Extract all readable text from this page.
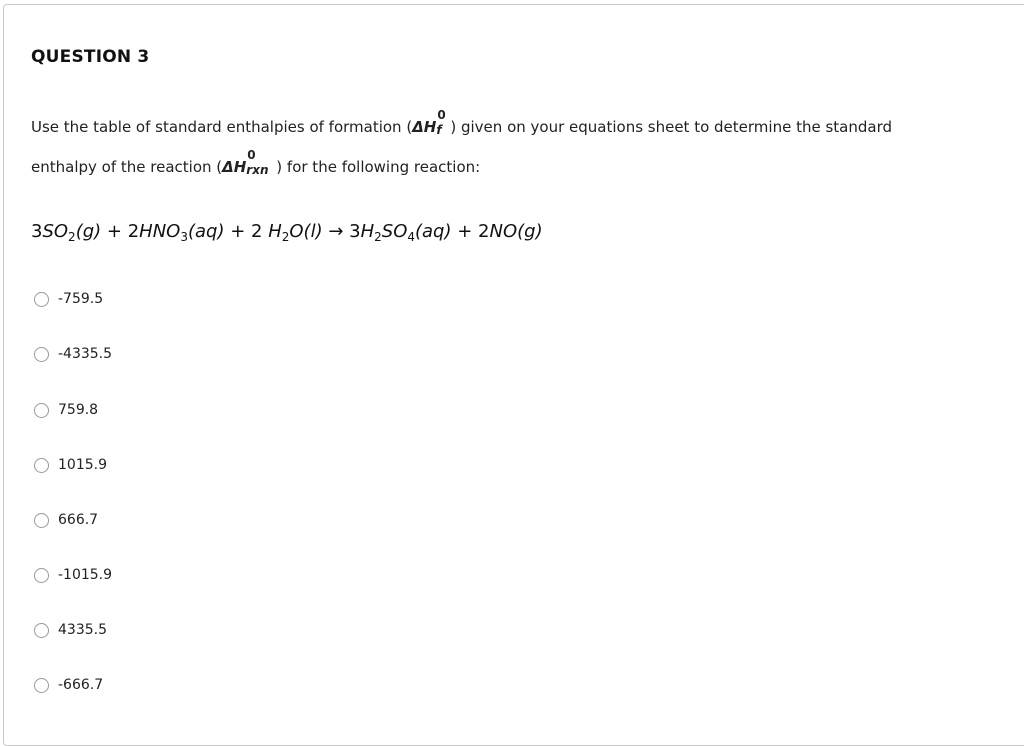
QUESTION 3
Use the table of standard enthalpies of formation (ΔH
0
f ) given on your equations sheet to determine the standard
enthalpy of the reaction (ΔH
0
rxn ) for the following reaction:
$3SO_2(g) + 2HNO_3(aq) + 2$ $H_2O(l) \to 3H_2SO_4(aq) + 2NO(g)$
-759.5
-4335.5
759.8
1015.9
666.7
-1015.9
4335.5
-666.7
